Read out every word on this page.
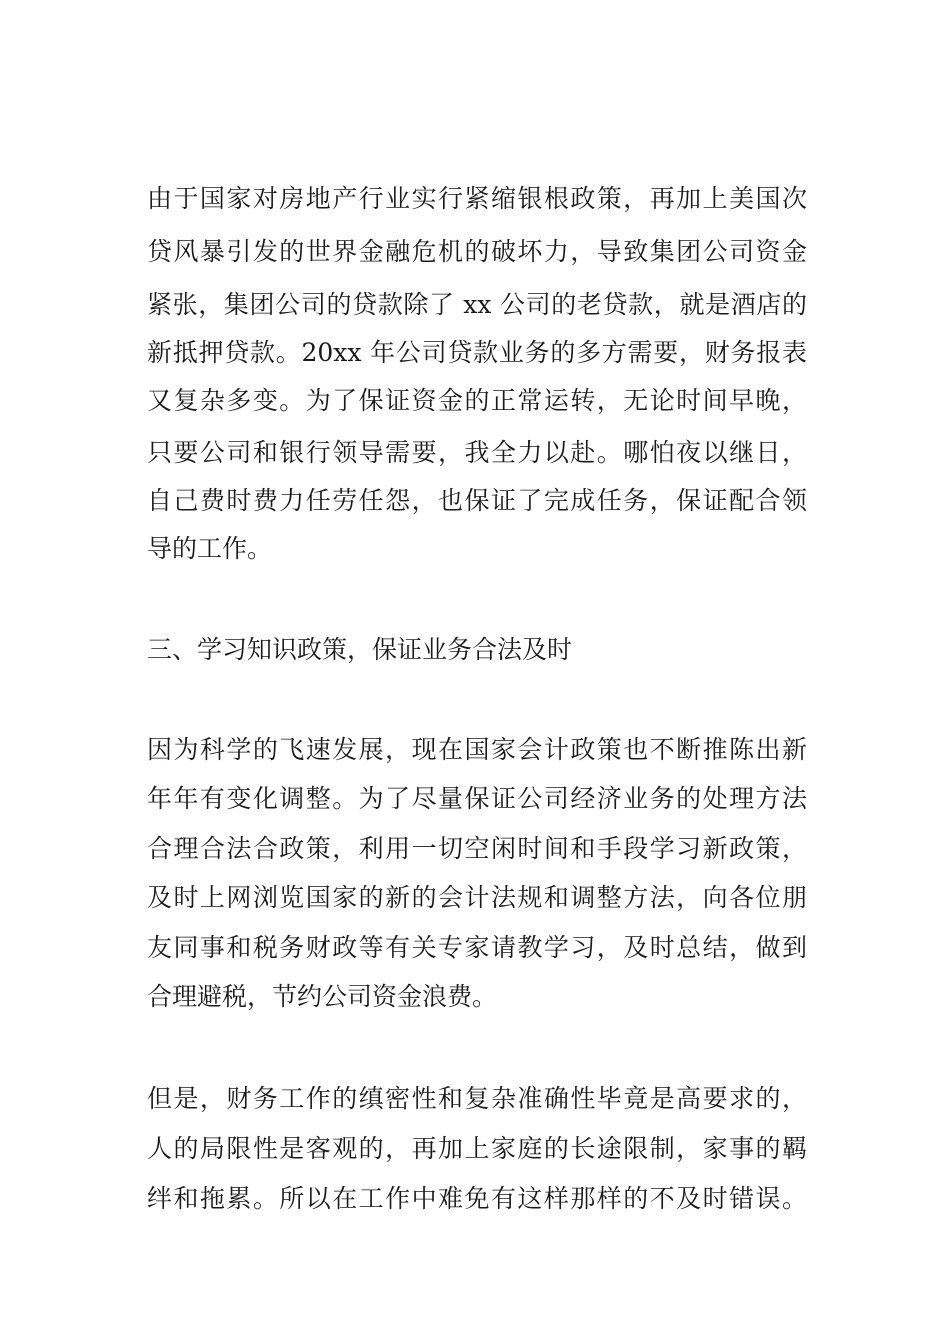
由于国家对房地产行业实行紧缩银根政策，再加上美国次
贷风暴引发的世界金融危机的破坏力，导致集团公司资金
紧张，集团公司的贷款除了 xx 公司的老贷款，就是酒店的
新抵押贷款。20xx 年公司贷款业务的多方需要，财务报表
又复杂多变。为了保证资金的正常运转，无论时间早晚，
只要公司和银行领导需要，我全力以赴。哪怕夜以继日，
自己费时费力任劳任怨，也保证了完成任务，保证配合领
导的工作。
三、学习知识政策，保证业务合法及时
因为科学的飞速发展，现在国家会计政策也不断推陈出新
年年有变化调整。为了尽量保证公司经济业务的处理方法
合理合法合政策，利用一切空闲时间和手段学习新政策，
及时上网浏览国家的新的会计法规和调整方法，向各位朋
友同事和税务财政等有关专家请教学习，及时总结，做到
合理避税，节约公司资金浪费。
但是，财务工作的缜密性和复杂准确性毕竟是高要求的，
人的局限性是客观的，再加上家庭的长途限制，家事的羁
绊和拖累。所以在工作中难免有这样那样的不及时错误。
